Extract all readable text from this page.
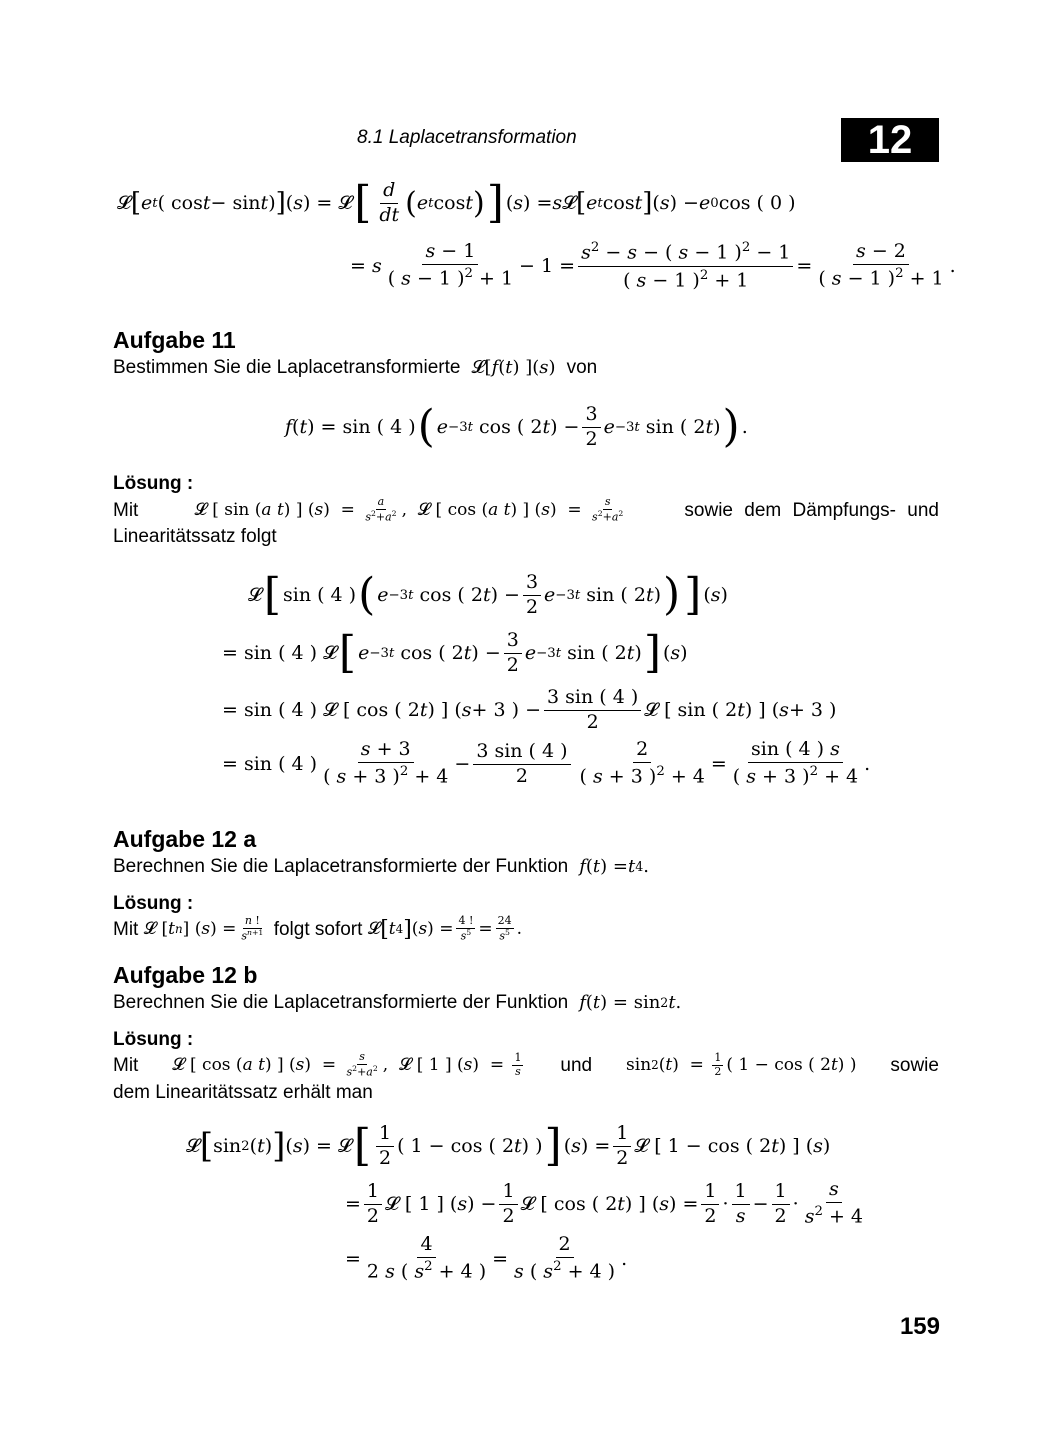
8.1 Laplacetransformation	12
𝓛 [ e t ( cos t − sin t ) ] ( s ) = 𝓛 [ $\frac{d}{dt}$ ( e t cos t ) ] ( s ) = s 𝓛 [ e t cos t ] ( s ) − e 0 cos ( 0 )
= s $\frac{s - 1}{( s - 1 )^2 + 1} - 1 = \frac{s^2 - s - ( s - 1 )^2 - 1}{( s - 1 )^2 + 1} = \frac{s - 2}{( s - 1 )^2 + 1}$ .
Aufgabe 11
Bestimmen Sie die Laplacetransformierte  𝓛[ f ( t ) ]( s )  von
f ( t ) = sin ( 4 ) ( e −3t cos ( 2 t ) − $\frac{3}{2}$ e −3t sin ( 2 t ) ) .
Lösung :
Mit	𝓛 [ sin ( a t ) ] ( s )  = $\frac{a}{s^2+a^2}$ ,  𝓛 [ cos ( a t ) ] ( s )  = $\frac{s}{s^2+a^2}$	sowie dem Dämpfungs- und
Linearitätssatz folgt
𝓛 [ sin ( 4 ) ( e −3t cos ( 2 t ) − $\frac{3}{2}$ e −3t sin ( 2 t ) ) ] ( s )
= sin ( 4 ) 𝓛 [ e −3t cos ( 2 t ) − $\frac{3}{2}$ e −3t sin ( 2 t ) ] ( s )
= sin ( 4 ) 𝓛 [ cos ( 2 t ) ] ( s + 3 ) − $\frac{3 \sin ( 4 )}{2}$ 𝓛 [ sin ( 2 t ) ] ( s + 3 )
= sin ( 4 ) $\frac{s + 3}{( s + 3 )^2 + 4} - \frac{3 \sin ( 4 )}{2} \frac{2}{( s + 3 )^2 + 4} = \frac{\sin ( 4 ) s}{( s + 3 )^2 + 4}$ .
Aufgabe 12 a
Berechnen Sie die Laplacetransformierte der Funktion f ( t ) = t 4 .
Lösung :
Mit 𝓛 [ t n ] ( s ) = $\frac{n !}{s^{n+1}}$
folgt sofort 𝓛 [ t 4 ] ( s ) = $\frac{4 !}{s^5} = \frac{24}{s^5}$ .
Aufgabe 12 b
Berechnen Sie die Laplacetransformierte der Funktion f ( t ) = sin 2 t .
Lösung :
Mit 𝓛 [ cos ( a t ) ] ( s )  = $\frac{s}{s^2+a^2}$ ,  𝓛 [ 1 ] ( s )  = $\frac{1}{s}$ und sin 2 ( t )  = $\frac{1}{2}$ ( 1 − cos ( 2 t ) ) sowie
dem Linearitätssatz erhält man
𝓛 [ sin 2 ( t ) ] ( s ) = 𝓛 [ $\frac{1}{2}$ ( 1 − cos ( 2 t ) ) ] ( s ) = $\frac{1}{2}$ 𝓛 [ 1 − cos ( 2 t ) ] ( s )
= $\frac{1}{2}$ 𝓛 [ 1 ] ( s ) − $\frac{1}{2}$ 𝓛 [ cos ( 2 t ) ] ( s ) = $\frac{1}{2} \cdot \frac{1}{s} - \frac{1}{2} \cdot \frac{s}{s^2 + 4}$
= $\frac{4}{2 s ( s^2 + 4 )} = \frac{2}{s ( s^2 + 4 )}$ .
159
